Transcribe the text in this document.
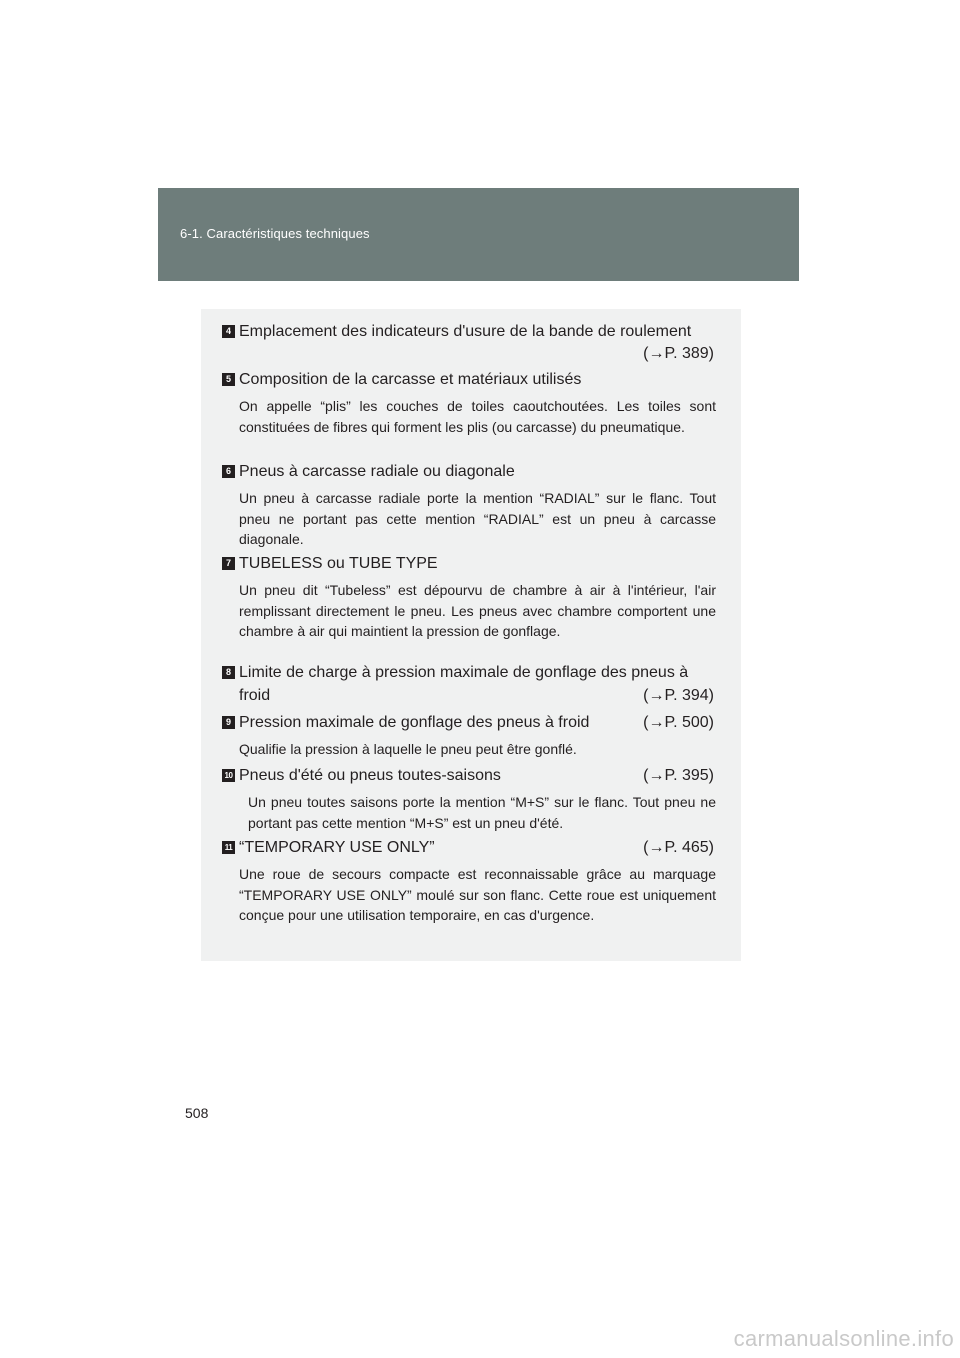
6-1. Caractéristiques techniques
4 Emplacement des indicateurs d'usure de la bande de roulement
(→P. 389)
5 Composition de la carcasse et matériaux utilisés
On appelle “plis” les couches de toiles caoutchoutées. Les toiles sont constituées de fibres qui forment les plis (ou carcasse) du pneumatique.
6 Pneus à carcasse radiale ou diagonale
Un pneu à carcasse radiale porte la mention “RADIAL” sur le flanc. Tout pneu ne portant pas cette mention “RADIAL” est un pneu à carcasse diagonale.
7 TUBELESS ou TUBE TYPE
Un pneu dit “Tubeless” est dépourvu de chambre à air à l'intérieur, l'air remplissant directement le pneu. Les pneus avec chambre comportent une chambre à air qui maintient la pression de gonflage.
8 Limite de charge à pression maximale de gonflage des pneus à
froid	(→P. 394)
9 Pression maximale de gonflage des pneus à froid	(→P. 500)
Qualifie la pression à laquelle le pneu peut être gonflé.
10 Pneus d'été ou pneus toutes-saisons	(→P. 395)
Un pneu toutes saisons porte la mention “M+S” sur le flanc. Tout pneu ne portant pas cette mention “M+S” est un pneu d'été.
11 “TEMPORARY USE ONLY”	(→P. 465)
Une roue de secours compacte est reconnaissable grâce au marquage “TEMPORARY USE ONLY” moulé sur son flanc. Cette roue est uniquement conçue pour une utilisation temporaire, en cas d'urgence.
508
carmanualsonline.info
